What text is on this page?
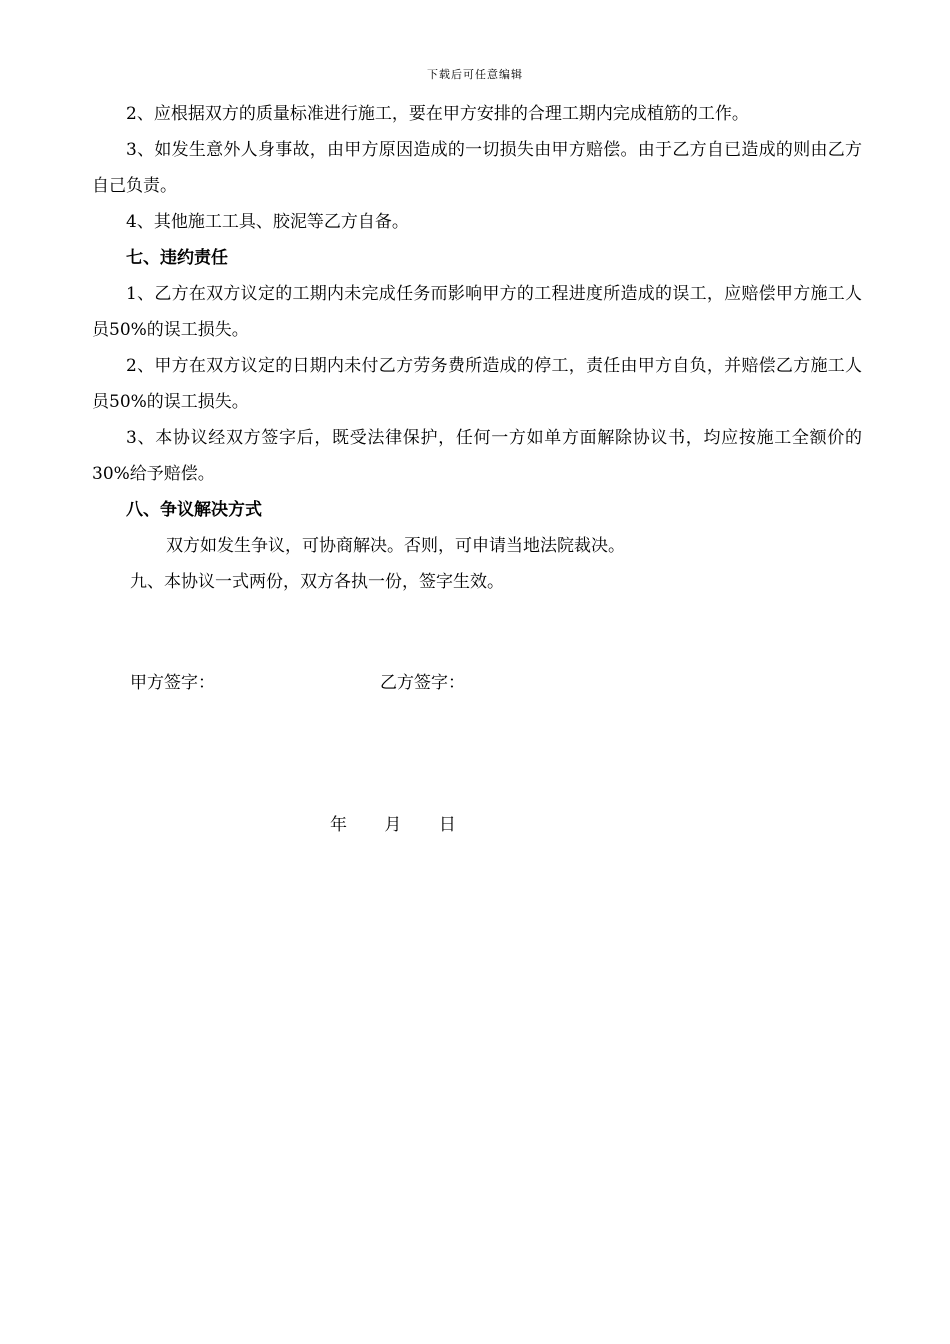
下载后可任意编辑

2、应根据双方的质量标准进行施工，要在甲方安排的合理工期内完成植筋的工作。

3、如发生意外人身事故，由甲方原因造成的一切损失由甲方赔偿。由于乙方自已造成的则由乙方自己负责。

4、其他施工工具、胶泥等乙方自备。

七、违约责任

1、乙方在双方议定的工期内未完成任务而影响甲方的工程进度所造成的误工，应赔偿甲方施工人员50%的误工损失。

2、甲方在双方议定的日期内未付乙方劳务费所造成的停工，责任由甲方自负，并赔偿乙方施工人员50%的误工损失。

3、本协议经双方签字后，既受法律保护，任何一方如单方面解除协议书，均应按施工全额价的30%给予赔偿。

八、争议解决方式

双方如发生争议，可协商解决。否则，可申请当地法院裁决。

九、本协议一式两份，双方各执一份，签字生效。

甲方签字：	乙方签字：
年 月 日
